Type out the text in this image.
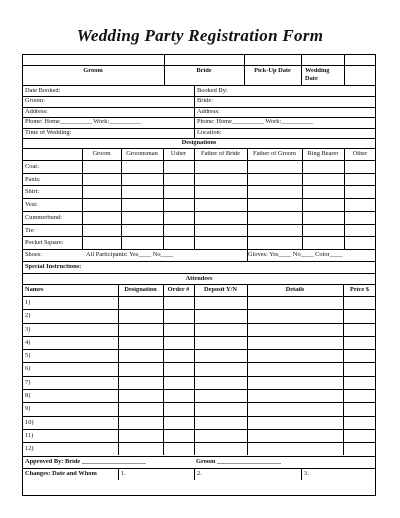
Wedding Party Registration Form
Groom	Bride	Pick-Up Date	Wedding
Date
Date Booked:	Booked By:
Groom:	Bride:
Address:	Address:
Phone: Home__________ Work:__________	Phone: Home__________ Work:__________
Time of Wedding:	Location:
Designations
Groom	Groomsman	Usher	Father of Bride	Father of Groom	Ring Bearer	Other
Coat:
Pants:
Shirt:
Vest:
Cummerbund:
Tie:
Pocket Square:
Shoes:	All Participants: Yes____ No____	Gloves: Yes____ No____ Color____
Special Instructions:
Attendees
Names	Designation	Order #	Deposit Y/N	Details	Price $
1)
2)
3)
4)
5)
6)
7)
8)
9)
10)
11)
12)
Approved By: Bride ____________________	Groom ____________________
Changes: Date and Whom	1.	2.	3.
